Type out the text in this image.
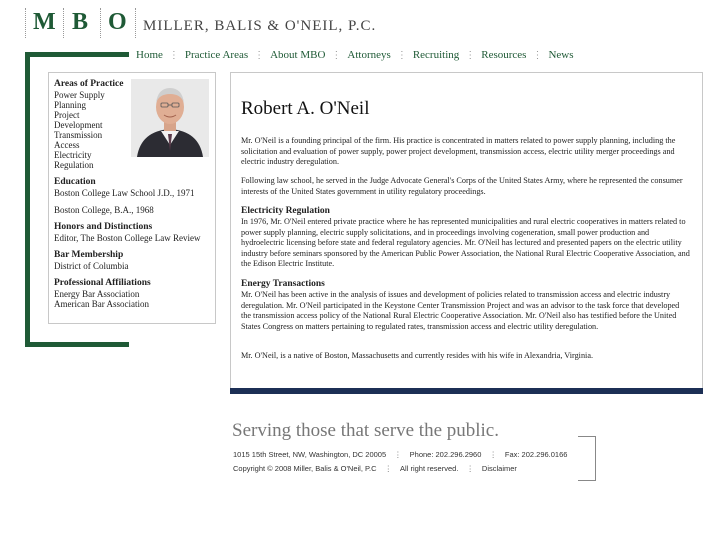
M B O MILLER, BALIS & O'NEIL, P.C.
Home ⋮ Practice Areas ⋮ About MBO ⋮ Attorneys ⋮ Recruiting ⋮ Resources ⋮ News
Areas of Practice
Power Supply
Planning
Project
Development
Transmission
Access
Electricity
Regulation
Education
Boston College Law School J.D., 1971
Boston College, B.A., 1968
Honors and Distinctions
Editor, The Boston College Law Review
Bar Membership
District of Columbia
Professional Affiliations
Energy Bar Association
American Bar Association
Robert A. O'Neil
Mr. O'Neil is a founding principal of the firm. His practice is concentrated in matters related to power supply planning, including the solicitation and evaluation of power supply, power project development, transmission access, electric utility merger proceedings and electric industry deregulation.
Following law school, he served in the Judge Advocate General's Corps of the United States Army, where he represented the consumer interests of the United States government in utility regulatory proceedings.
Electricity Regulation
In 1976, Mr. O'Neil entered private practice where he has represented municipalities and rural electric cooperatives in matters related to power supply planning, electric supply solicitations, and in proceedings involving cogeneration, small power production and hydroelectric licensing before state and federal regulatory agencies. Mr. O'Neil has lectured and presented papers on the electric utility industry before seminars sponsored by the American Public Power Association, the National Rural Electric Cooperative Association, and the Edison Electric Institute.
Energy Transactions
Mr. O'Neil has been active in the analysis of issues and development of policies related to transmission access and electric industry deregulation. Mr. O'Neil participated in the Keystone Center Transmission Project and was an advisor to the task force that developed the transmission access policy of the National Rural Electric Cooperative Association. Mr. O'Neil also has testified before the United States Congress on matters pertaining to regulated rates, transmission access and electric utility deregulation.
Mr. O'Neil, is a native of Boston, Massachusetts and currently resides with his wife in Alexandria, Virginia.
Serving those that serve the public.
1015 15th Street, NW, Washington, DC 20005 ⋮ Phone: 202.296.2960 ⋮ Fax: 202.296.0166
Copyright © 2008 Miller, Balis & O'Neil, P.C ⋮ All right reserved. ⋮ Disclaimer
